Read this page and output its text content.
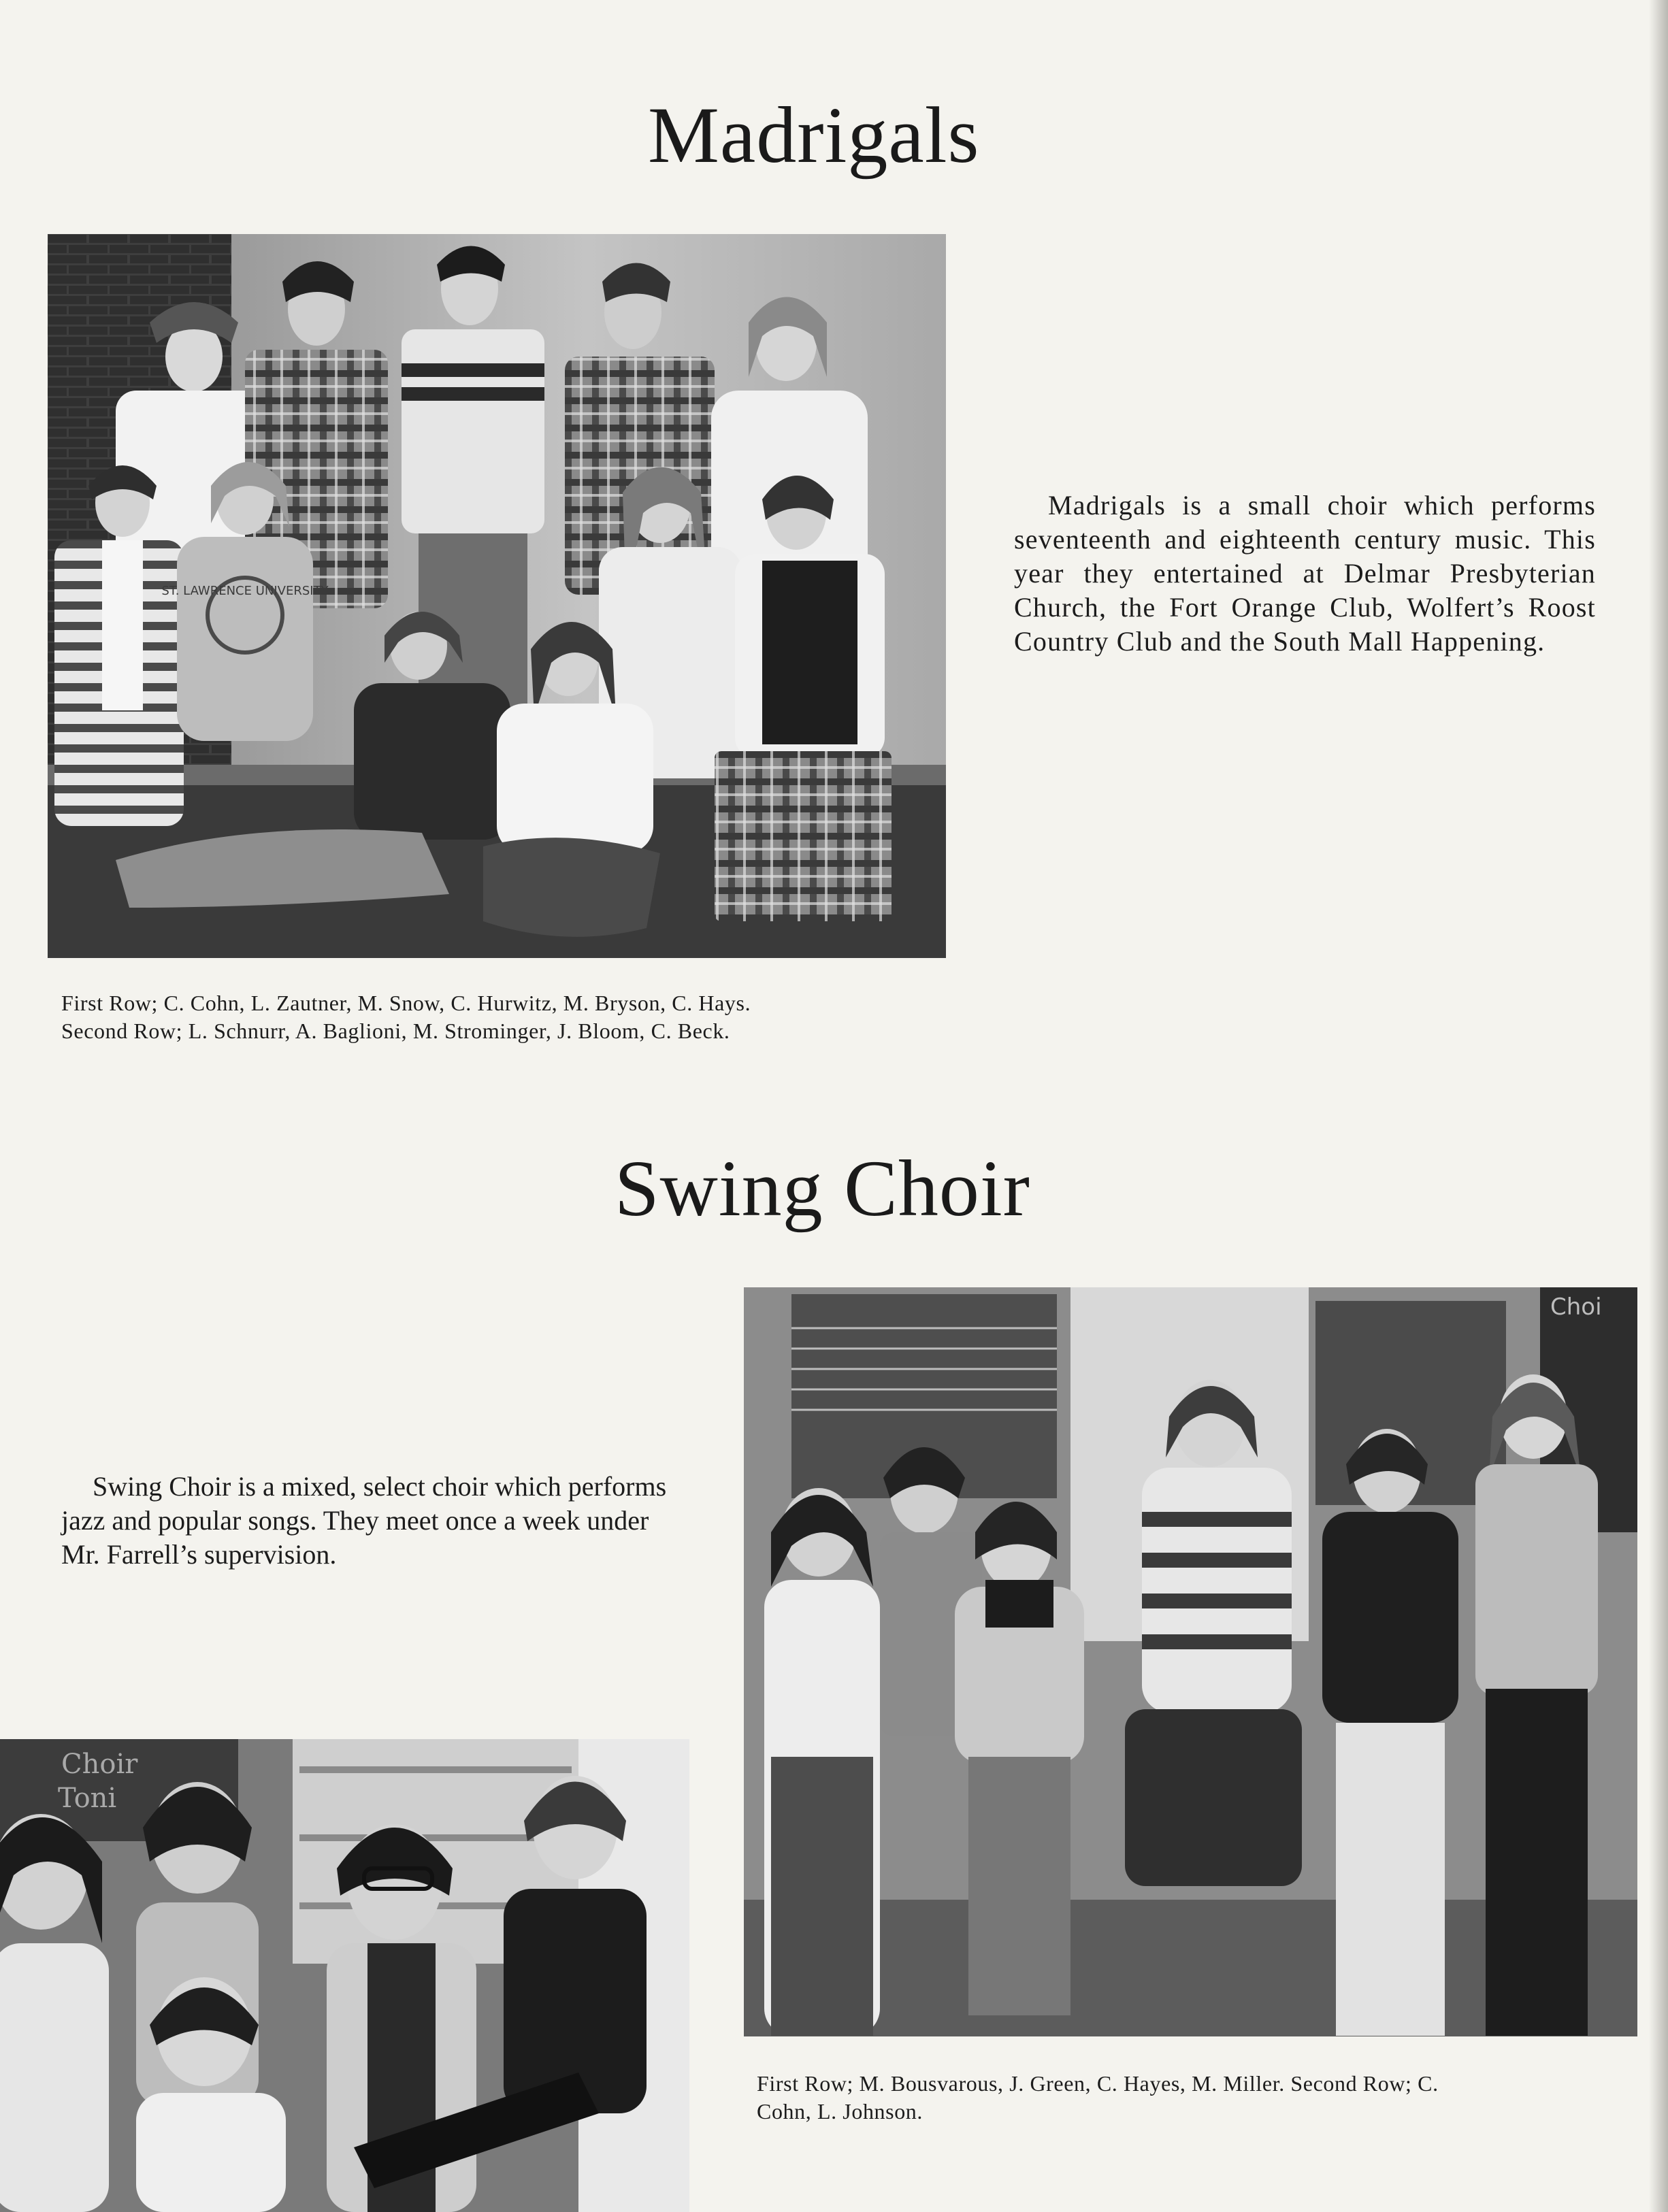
Madrigals
ST. LAWRENCE UNIVERSITY

Madrigals is a small choir which performs seventeenth and eighteenth century music. This year they entertained at Delmar Presbyterian Church, the Fort Orange Club, Wolfert’s Roost Country Club and the South Mall Happening.

First Row; C. Cohn, L. Zautner, M. Snow, C. Hurwitz, M. Bryson, C. Hays.
Second Row; L. Schnurr, A. Baglioni, M. Strominger, J. Bloom, C. Beck.
Swing Choir

Swing Choir is a mixed, select choir which performs jazz and popular songs. They meet once a week under Mr. Farrell’s supervision.

Choi
First Row; M. Bousvarous, J. Green, C. Hayes, M. Miller. Second Row; C.
Cohn, L. Johnson.
Choir
Toni
